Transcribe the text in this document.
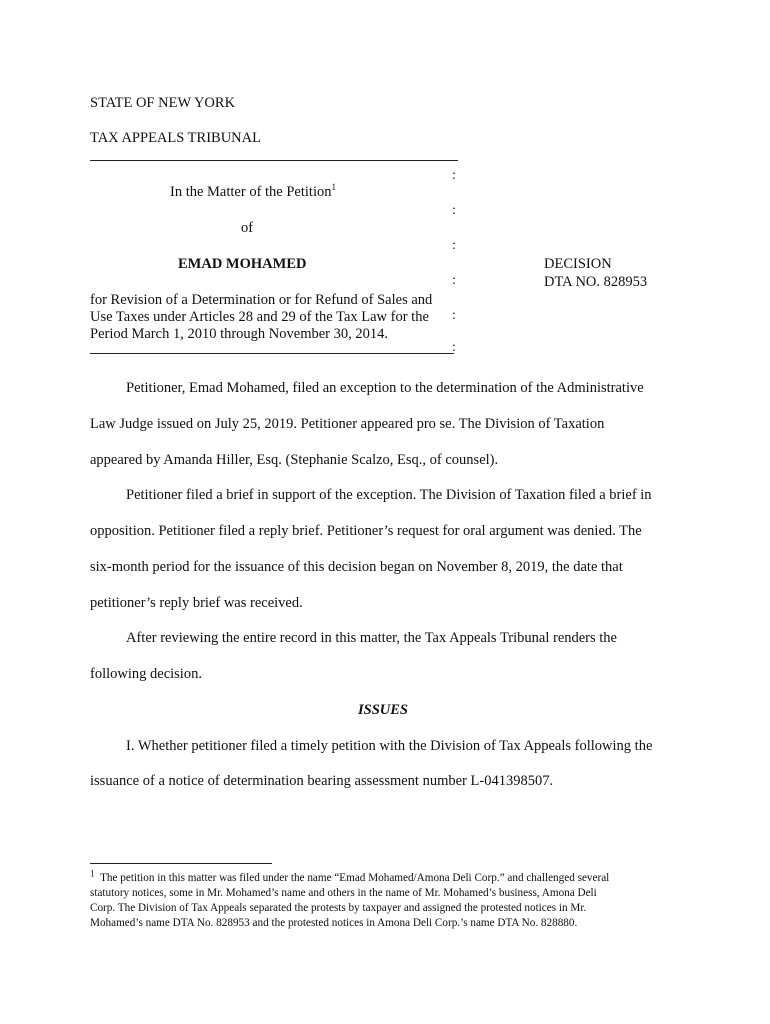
STATE OF NEW YORK
TAX APPEALS TRIBUNAL
:
In the Matter of the Petition$^1$
:
of
:
EMAD MOHAMED
:
for Revision of a Determination or for Refund of Sales and
Use Taxes under Articles 28 and 29 of the Tax Law for the :
Period March 1, 2010 through November 30, 2014.
:
DECISION
DTA NO. 828953
Petitioner, Emad Mohamed, filed an exception to the determination of the Administrative
Law Judge issued on July 25, 2019. Petitioner appeared pro se. The Division of Taxation
appeared by Amanda Hiller, Esq. (Stephanie Scalzo, Esq., of counsel).
Petitioner filed a brief in support of the exception. The Division of Taxation filed a brief in
opposition. Petitioner filed a reply brief. Petitioner’s request for oral argument was denied. The
six-month period for the issuance of this decision began on November 8, 2019, the date that
petitioner’s reply brief was received.
After reviewing the entire record in this matter, the Tax Appeals Tribunal renders the
following decision.
ISSUES
I. Whether petitioner filed a timely petition with the Division of Tax Appeals following the
issuance of a notice of determination bearing assessment number L-041398507.
$^1$ The petition in this matter was filed under the name “Emad Mohamed/Amona Deli Corp.” and challenged several
statutory notices, some in Mr. Mohamed’s name and others in the name of Mr. Mohamed’s business, Amona Deli
Corp. The Division of Tax Appeals separated the protests by taxpayer and assigned the protested notices in Mr.
Mohamed’s name DTA No. 828953 and the protested notices in Amona Deli Corp.’s name DTA No. 828880.
